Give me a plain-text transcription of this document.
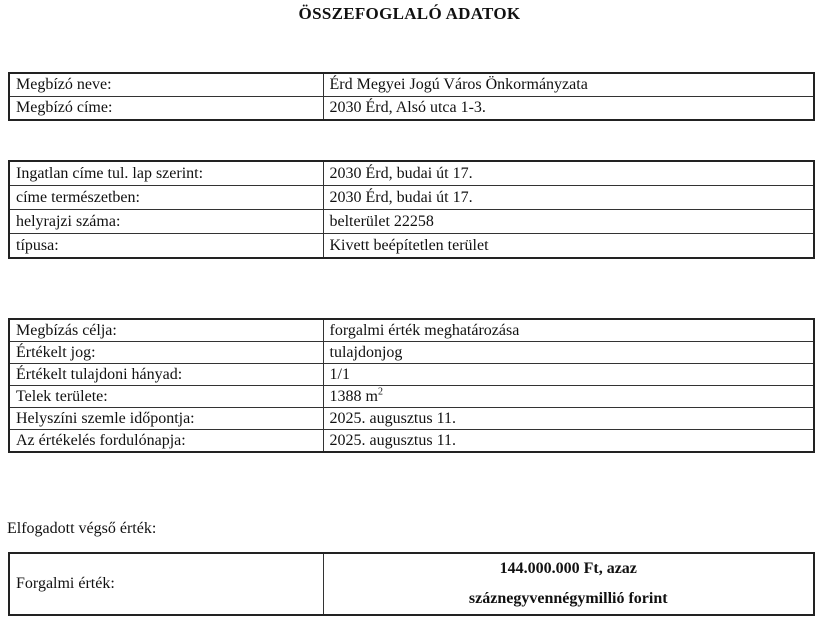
ÖSSZEFOGLALÓ ADATOK
Megbízó neve:	Érd Megyei Jogú Város Önkormányzata
Megbízó címe:	2030 Érd, Alsó utca 1-3.
Ingatlan címe tul. lap szerint:	2030 Érd, budai út 17.
címe természetben:	2030 Érd, budai út 17.
helyrajzi száma:	belterület 22258
típusa:	Kivett beépítetlen terület
Megbízás célja:	forgalmi érték meghatározása
Értékelt jog:	tulajdonjog
Értékelt tulajdoni hányad:	1/1
Telek területe:	1388 $m^2$
Helyszíni szemle időpontja:	2025. augusztus 11.
Az értékelés fordulónapja:	2025. augusztus 11.
Elfogadott végső érték:
Forgalmi érték:	
144.000.000 Ft, azaz
száznegyvennégymillió forint
